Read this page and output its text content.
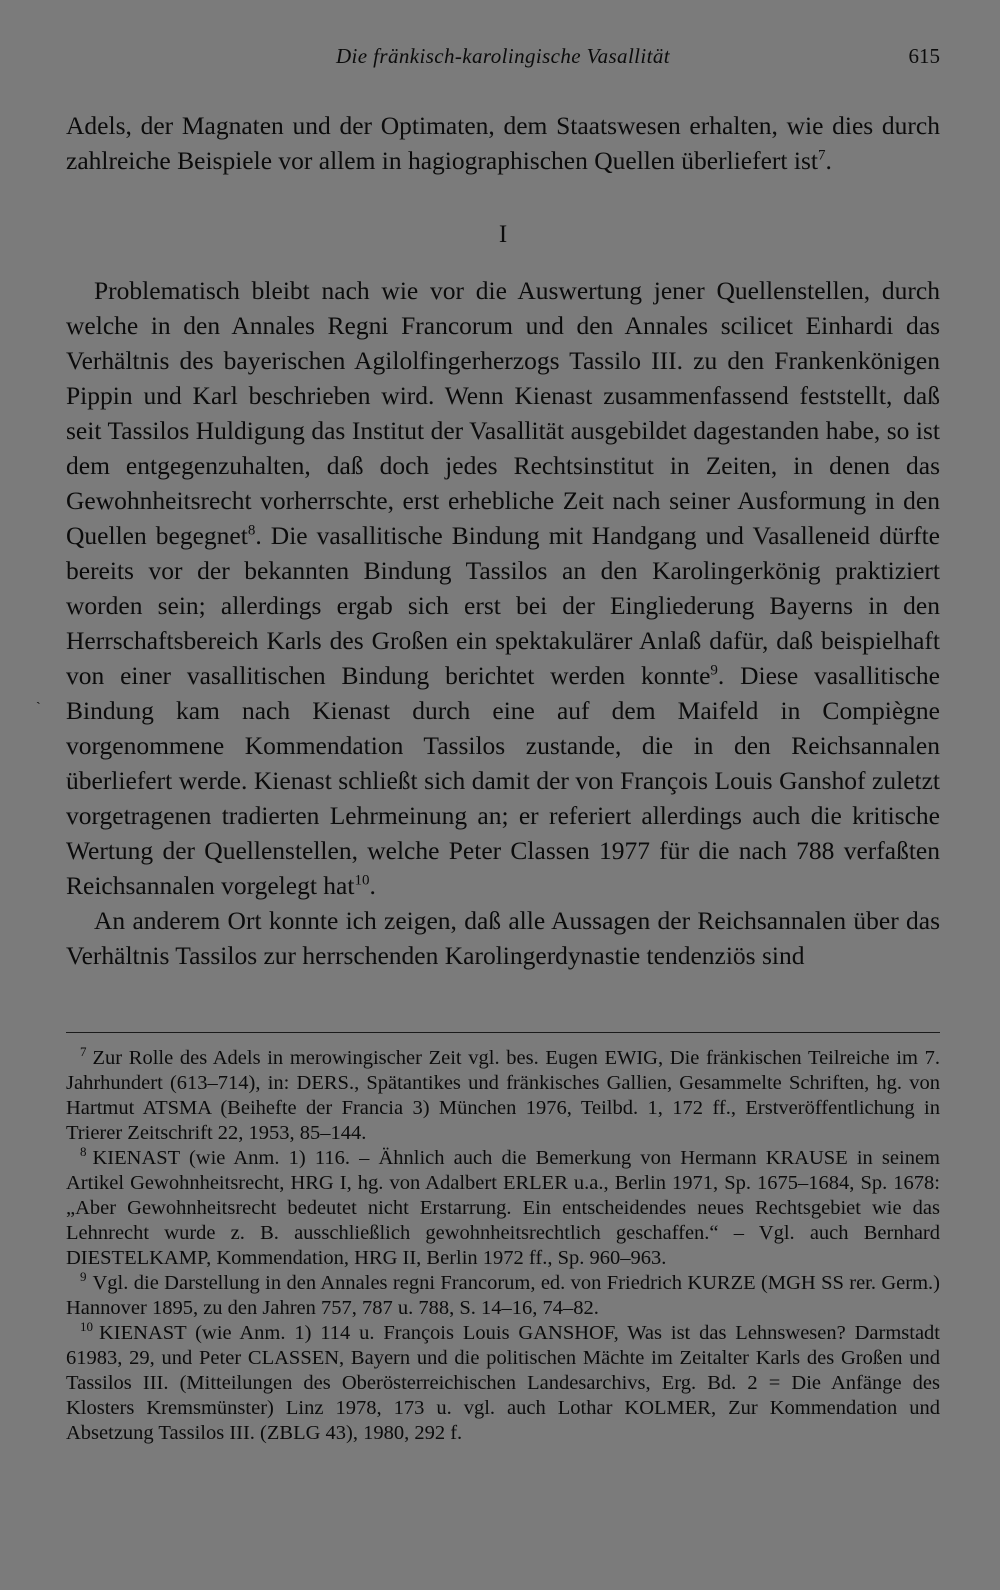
Die fränkisch-karolingische Vasallität	615
ˎ

Adels, der Magnaten und der Optimaten, dem Staatswesen erhalten, wie dies durch zahlreiche Beispiele vor allem in hagiographischen Quellen überliefert ist$^7$.

I

Problematisch bleibt nach wie vor die Auswertung jener Quellenstellen, durch welche in den Annales Regni Francorum und den Annales scilicet Einhardi das Verhältnis des bayerischen Agilolfingerherzogs Tassilo III. zu den Frankenkönigen Pippin und Karl beschrieben wird. Wenn Kienast zusammenfassend feststellt, daß seit Tassilos Huldigung das Institut der Vasallität ausgebildet dagestanden habe, so ist dem entgegenzuhalten, daß doch jedes Rechtsinstitut in Zeiten, in denen das Gewohnheitsrecht vorherrschte, erst erhebliche Zeit nach seiner Ausformung in den Quellen begegnet$^8$. Die vasallitische Bindung mit Handgang und Vasalleneid dürfte bereits vor der bekannten Bindung Tassilos an den Karolingerkönig praktiziert worden sein; allerdings ergab sich erst bei der Eingliederung Bayerns in den Herrschaftsbereich Karls des Großen ein spektakulärer Anlaß dafür, daß beispielhaft von einer vasallitischen Bindung berichtet werden konnte$^9$. Diese vasallitische Bindung kam nach Kienast durch eine auf dem Maifeld in Compiègne vorgenommene Kommendation Tassilos zustande, die in den Reichsannalen überliefert werde. Kienast schließt sich damit der von François Louis Ganshof zuletzt vorgetragenen tradierten Lehrmeinung an; er referiert allerdings auch die kritische Wertung der Quellenstellen, welche Peter Classen 1977 für die nach 788 verfaßten Reichsannalen vorgelegt hat$^{10}$.

An anderem Ort konnte ich zeigen, daß alle Aussagen der Reichsannalen über das Verhältnis Tassilos zur herrschenden Karolingerdynastie tendenziös sind

$^7$ Zur Rolle des Adels in merowingischer Zeit vgl. bes. Eugen EWIG, Die fränkischen Teilreiche im 7. Jahrhundert (613–714), in: DERS., Spätantikes und fränkisches Gallien, Gesammelte Schriften, hg. von Hartmut ATSMA (Beihefte der Francia 3) München 1976, Teilbd. 1, 172 ff., Erstveröffentlichung in Trierer Zeitschrift 22, 1953, 85–144.

$^8$ KIENAST (wie Anm. 1) 116. – Ähnlich auch die Bemerkung von Hermann KRAUSE in seinem Artikel Gewohnheitsrecht, HRG I, hg. von Adalbert ERLER u.a., Berlin 1971, Sp. 1675–1684, Sp. 1678: „Aber Gewohnheitsrecht bedeutet nicht Erstarrung. Ein entscheidendes neues Rechtsgebiet wie das Lehnrecht wurde z. B. ausschließlich gewohnheitsrechtlich geschaffen.“ – Vgl. auch Bernhard DIESTELKAMP, Kommendation, HRG II, Berlin 1972 ff., Sp. 960–963.

$^9$ Vgl. die Darstellung in den Annales regni Francorum, ed. von Friedrich KURZE (MGH SS rer. Germ.) Hannover 1895, zu den Jahren 757, 787 u. 788, S. 14–16, 74–82.

$^{10}$ KIENAST (wie Anm. 1) 114 u. François Louis GANSHOF, Was ist das Lehnswesen? Darmstadt 61983, 29, und Peter CLASSEN, Bayern und die politischen Mächte im Zeitalter Karls des Großen und Tassilos III. (Mitteilungen des Oberösterreichischen Landesarchivs, Erg. Bd. 2 = Die Anfänge des Klosters Kremsmünster) Linz 1978, 173 u. vgl. auch Lothar KOLMER, Zur Kommendation und Absetzung Tassilos III. (ZBLG 43), 1980, 292 f.
